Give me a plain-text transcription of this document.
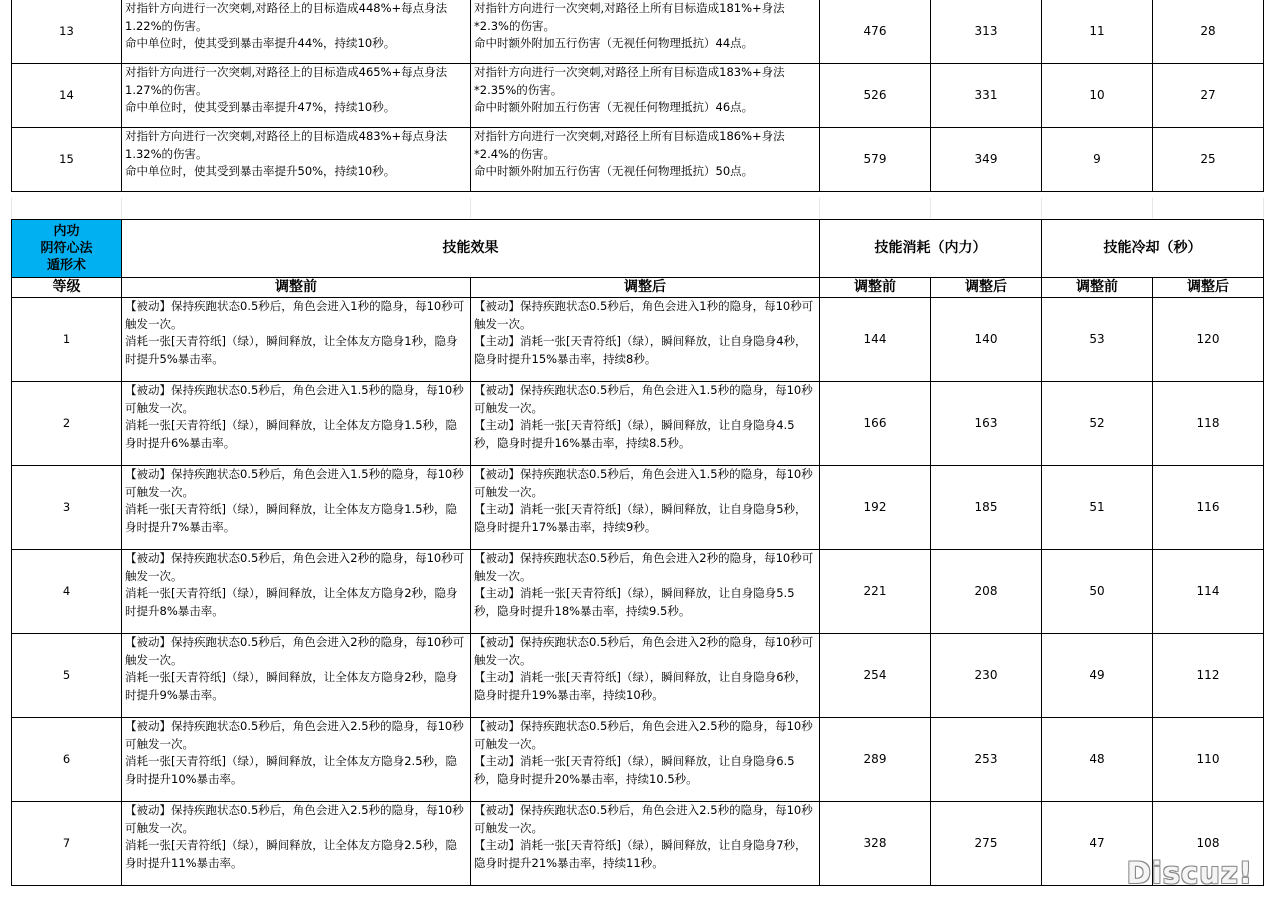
13	对指针方向进行一次突刺,对路径上的目标造成448%+每点身法1.22%的伤害。
命中单位时，使其受到暴击率提升44%，持续10秒。	对指针方向进行一次突刺,对路径上所有目标造成181%+身法*2.3%的伤害。
命中时额外附加五行伤害（无视任何物理抵抗）44点。	476	313	11	28
14	对指针方向进行一次突刺,对路径上的目标造成465%+每点身法1.27%的伤害。
命中单位时，使其受到暴击率提升47%，持续10秒。	对指针方向进行一次突刺,对路径上所有目标造成183%+身法*2.35%的伤害。
命中时额外附加五行伤害（无视任何物理抵抗）46点。	526	331	10	27
15	对指针方向进行一次突刺,对路径上的目标造成483%+每点身法1.32%的伤害。
命中单位时，使其受到暴击率提升50%，持续10秒。	对指针方向进行一次突刺,对路径上所有目标造成186%+身法*2.4%的伤害。
命中时额外附加五行伤害（无视任何物理抵抗）50点。	579	349	9	25
内功
阴符心法
遁形术	技能效果		技能消耗（内力）		技能冷却（秒）	
等级	调整前	调整后	调整前	调整后	调整前	调整后
1	【被动】保持疾跑状态0.5秒后，角色会进入1秒的隐身，每10秒可触发一次。
消耗一张[天青符纸]（绿），瞬间释放，让全体友方隐身1秒，隐身时提升5%暴击率。	【被动】保持疾跑状态0.5秒后，角色会进入1秒的隐身，每10秒可触发一次。
【主动】消耗一张[天青符纸]（绿），瞬间释放，让自身隐身4秒，隐身时提升15%暴击率，持续8秒。	144	140	53	120
2	【被动】保持疾跑状态0.5秒后，角色会进入1.5秒的隐身，每10秒可触发一次。
消耗一张[天青符纸]（绿），瞬间释放，让全体友方隐身1.5秒，隐身时提升6%暴击率。	【被动】保持疾跑状态0.5秒后，角色会进入1.5秒的隐身，每10秒可触发一次。
【主动】消耗一张[天青符纸]（绿），瞬间释放，让自身隐身4.5秒，隐身时提升16%暴击率，持续8.5秒。	166	163	52	118
3	【被动】保持疾跑状态0.5秒后，角色会进入1.5秒的隐身，每10秒可触发一次。
消耗一张[天青符纸]（绿），瞬间释放，让全体友方隐身1.5秒，隐身时提升7%暴击率。	【被动】保持疾跑状态0.5秒后，角色会进入1.5秒的隐身，每10秒可触发一次。
【主动】消耗一张[天青符纸]（绿），瞬间释放，让自身隐身5秒，隐身时提升17%暴击率，持续9秒。	192	185	51	116
4	【被动】保持疾跑状态0.5秒后，角色会进入2秒的隐身，每10秒可触发一次。
消耗一张[天青符纸]（绿），瞬间释放，让全体友方隐身2秒，隐身时提升8%暴击率。	【被动】保持疾跑状态0.5秒后，角色会进入2秒的隐身，每10秒可触发一次。
【主动】消耗一张[天青符纸]（绿），瞬间释放，让自身隐身5.5秒，隐身时提升18%暴击率，持续9.5秒。	221	208	50	114
5	【被动】保持疾跑状态0.5秒后，角色会进入2秒的隐身，每10秒可触发一次。
消耗一张[天青符纸]（绿），瞬间释放，让全体友方隐身2秒，隐身时提升9%暴击率。	【被动】保持疾跑状态0.5秒后，角色会进入2秒的隐身，每10秒可触发一次。
【主动】消耗一张[天青符纸]（绿），瞬间释放，让自身隐身6秒，隐身时提升19%暴击率，持续10秒。	254	230	49	112
6	【被动】保持疾跑状态0.5秒后，角色会进入2.5秒的隐身，每10秒可触发一次。
消耗一张[天青符纸]（绿），瞬间释放，让全体友方隐身2.5秒，隐身时提升10%暴击率。	【被动】保持疾跑状态0.5秒后，角色会进入2.5秒的隐身，每10秒可触发一次。
【主动】消耗一张[天青符纸]（绿），瞬间释放，让自身隐身6.5秒，隐身时提升20%暴击率，持续10.5秒。	289	253	48	110
7	【被动】保持疾跑状态0.5秒后，角色会进入2.5秒的隐身，每10秒可触发一次。
消耗一张[天青符纸]（绿），瞬间释放，让全体友方隐身2.5秒，隐身时提升11%暴击率。	【被动】保持疾跑状态0.5秒后，角色会进入2.5秒的隐身，每10秒可触发一次。
【主动】消耗一张[天青符纸]（绿），瞬间释放，让自身隐身7秒，隐身时提升21%暴击率，持续11秒。	328	275	47	108
Discuz!
